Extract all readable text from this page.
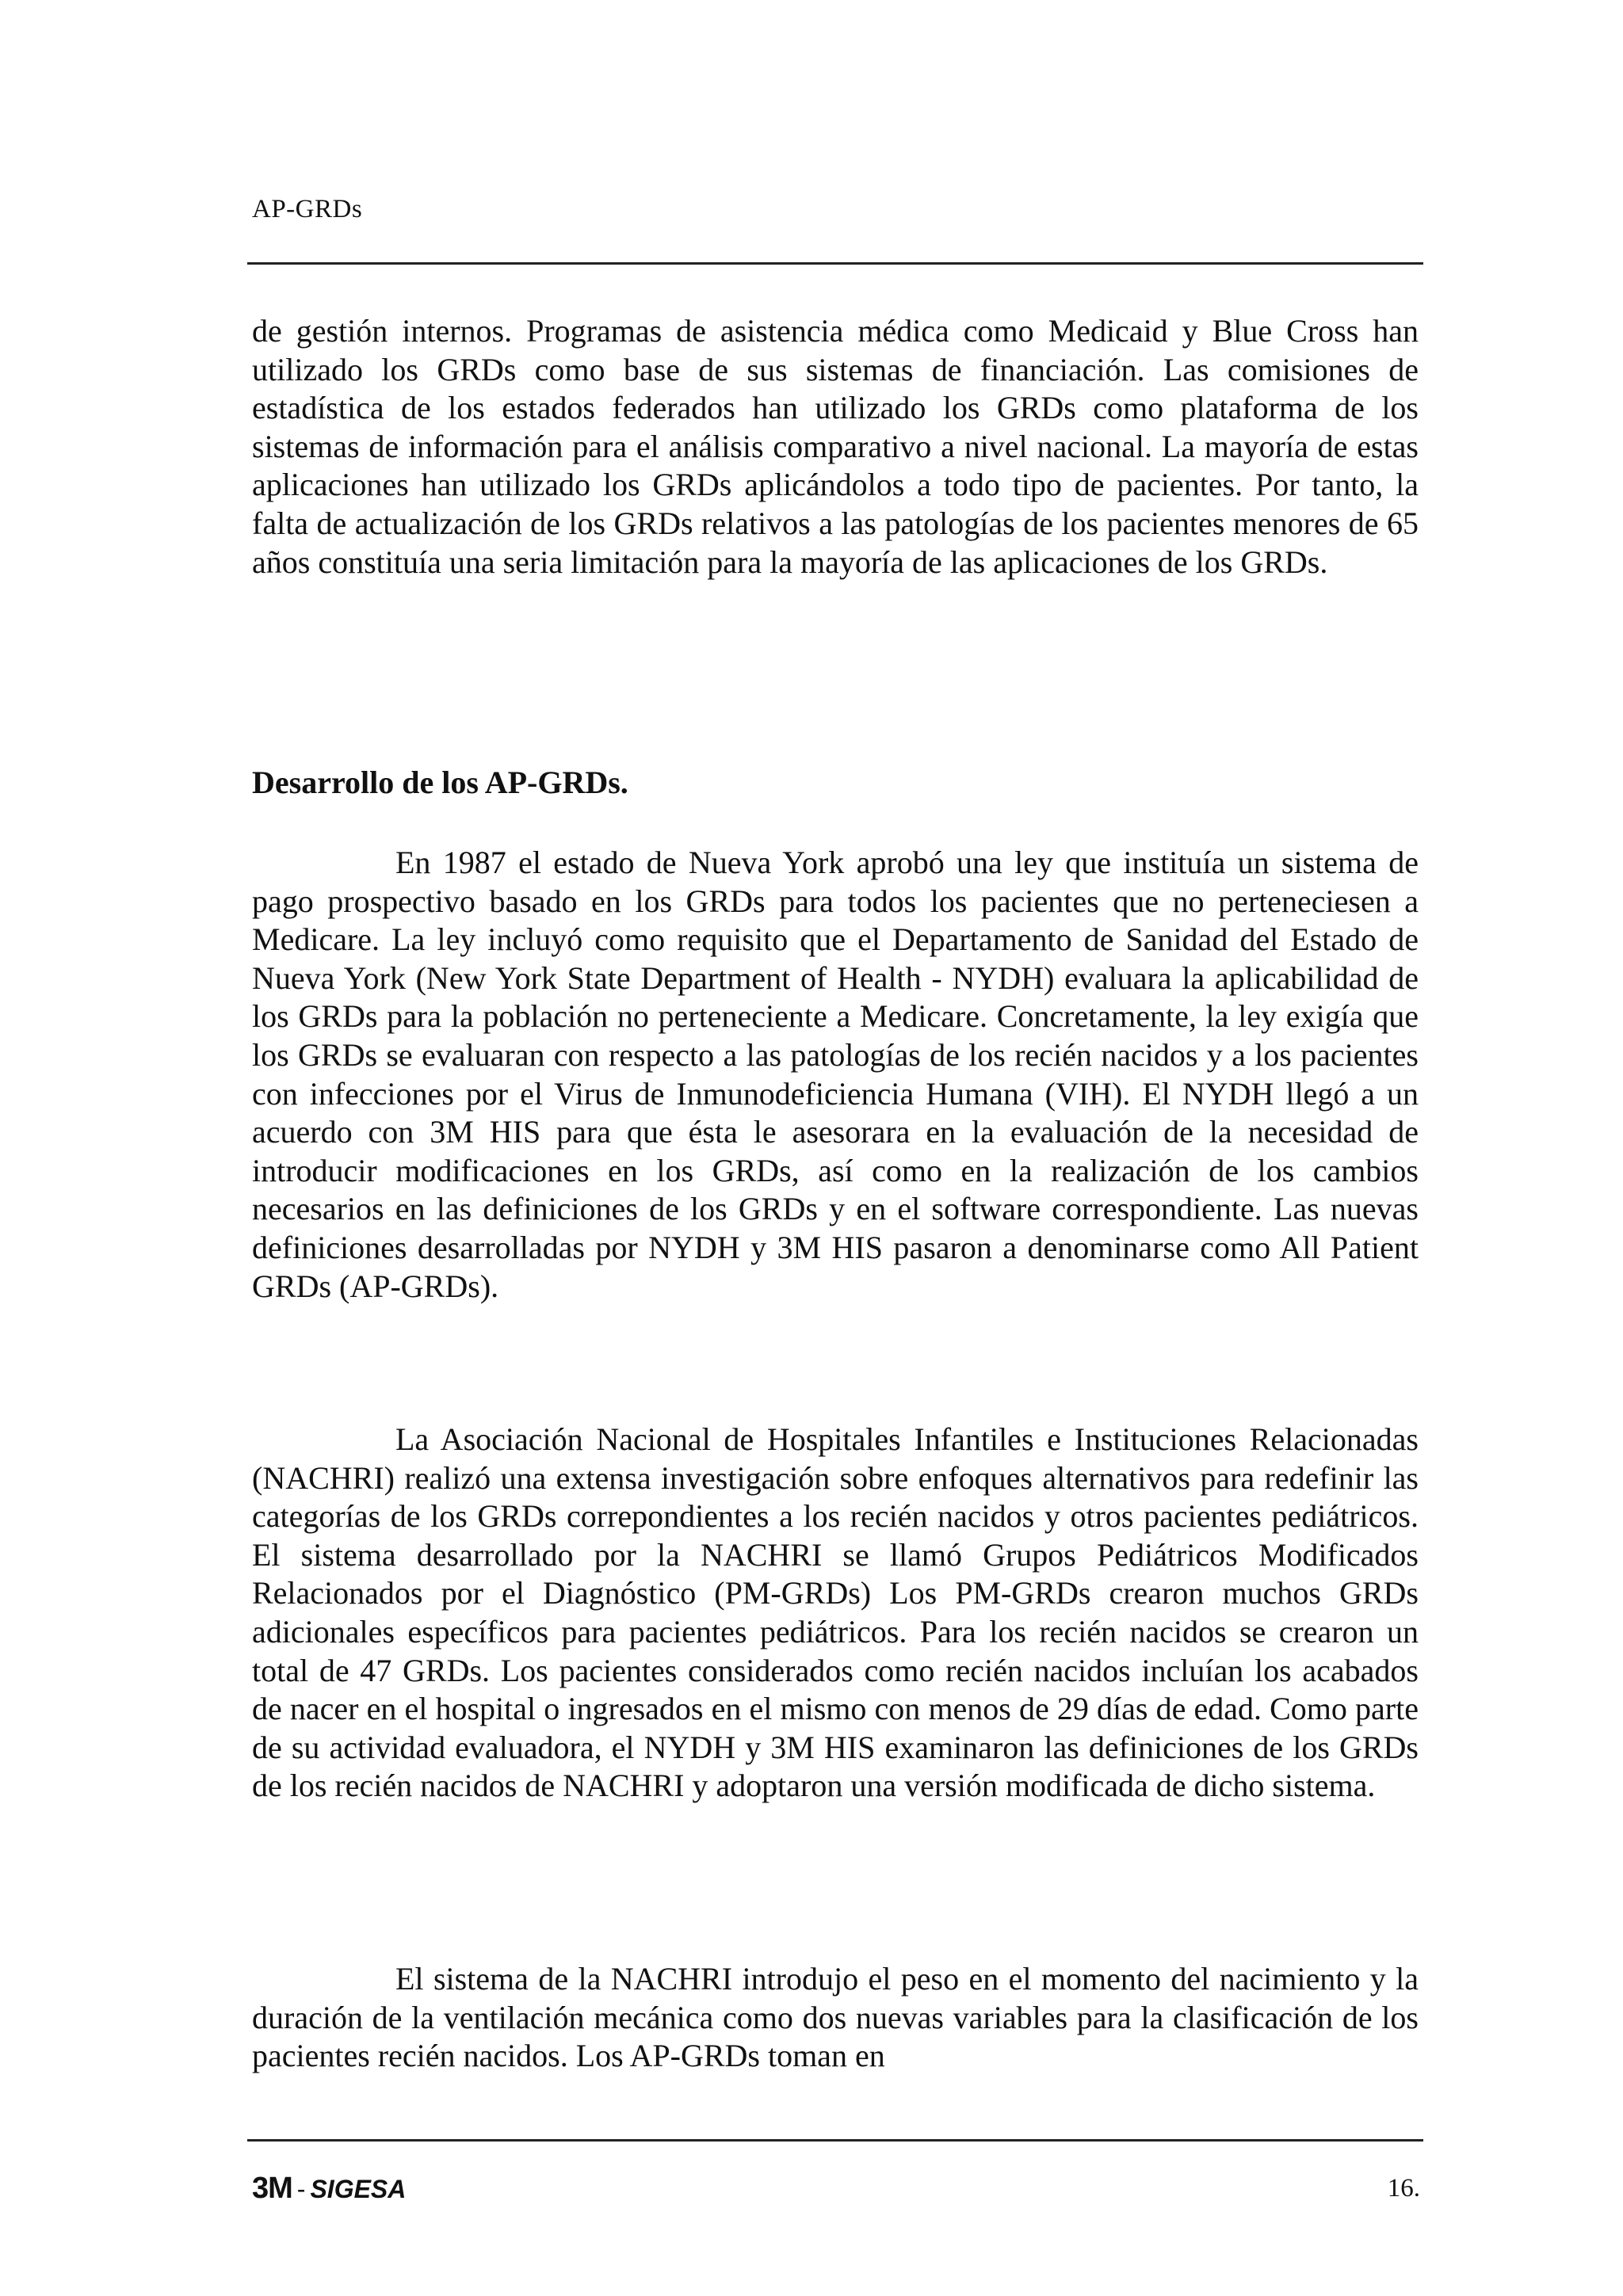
AP-GRDs

de gestión internos. Programas de asistencia médica como Medicaid y Blue Cross han utilizado los GRDs como base de sus sistemas de financiación. Las comisiones de estadística de los estados federados han utilizado los GRDs como plataforma de los sistemas de información para el análisis comparativo a nivel nacional. La mayoría de estas aplicaciones han utilizado los GRDs aplicándolos a todo tipo de pacientes. Por tanto, la falta de actualización de los GRDs relativos a las patologías de los pacientes menores de 65 años constituía una seria limitación para la mayoría de las aplicaciones de los GRDs.

Desarrollo de los AP-GRDs.

En 1987 el estado de Nueva York aprobó una ley que instituía un sistema de pago prospectivo basado en los GRDs para todos los pacientes que no perteneciesen a Medicare. La ley incluyó como requisito que el Departamento de Sanidad del Estado de Nueva York (New York State Department of Health - NYDH) evaluara la aplicabilidad de los GRDs para la población no perteneciente a Medicare. Concretamente, la ley exigía que los GRDs se evaluaran con respecto a las patologías de los recién nacidos y a los pacientes con infecciones por el Virus de Inmunodeficiencia Humana (VIH). El NYDH llegó a un acuerdo con 3M HIS para que ésta le asesorara en la evaluación de la necesidad de introducir modificaciones en los GRDs, así como en la realización de los cambios necesarios en las definiciones de los GRDs y en el software correspondiente. Las nuevas definiciones desarrolladas por NYDH y 3M HIS pasaron a denominarse como All Patient GRDs (AP-GRDs).

La Asociación Nacional de Hospitales Infantiles e Instituciones Relacionadas (NACHRI) realizó una extensa investigación sobre enfoques alternativos para redefinir las categorías de los GRDs correpondientes a los recién nacidos y otros pacientes pediátricos. El sistema desarrollado por la NACHRI se llamó Grupos Pediátricos Modificados Relacionados por el Diagnóstico (PM-GRDs) Los PM-GRDs crearon muchos GRDs adicionales específicos para pacientes pediátricos. Para los recién nacidos se crearon un total de 47 GRDs. Los pacientes considerados como recién nacidos incluían los acabados de nacer en el hospital o ingresados en el mismo con menos de 29 días de edad. Como parte de su actividad evaluadora, el NYDH y 3M HIS examinaron las definiciones de los GRDs de los recién nacidos de NACHRI y adoptaron una versión modificada de dicho sistema.

El sistema de la NACHRI introdujo el peso en el momento del nacimiento y la duración de la ventilación mecánica como dos nuevas variables para la clasificación de los pacientes recién nacidos. Los AP-GRDs toman en

3M - SIGESA	16.
